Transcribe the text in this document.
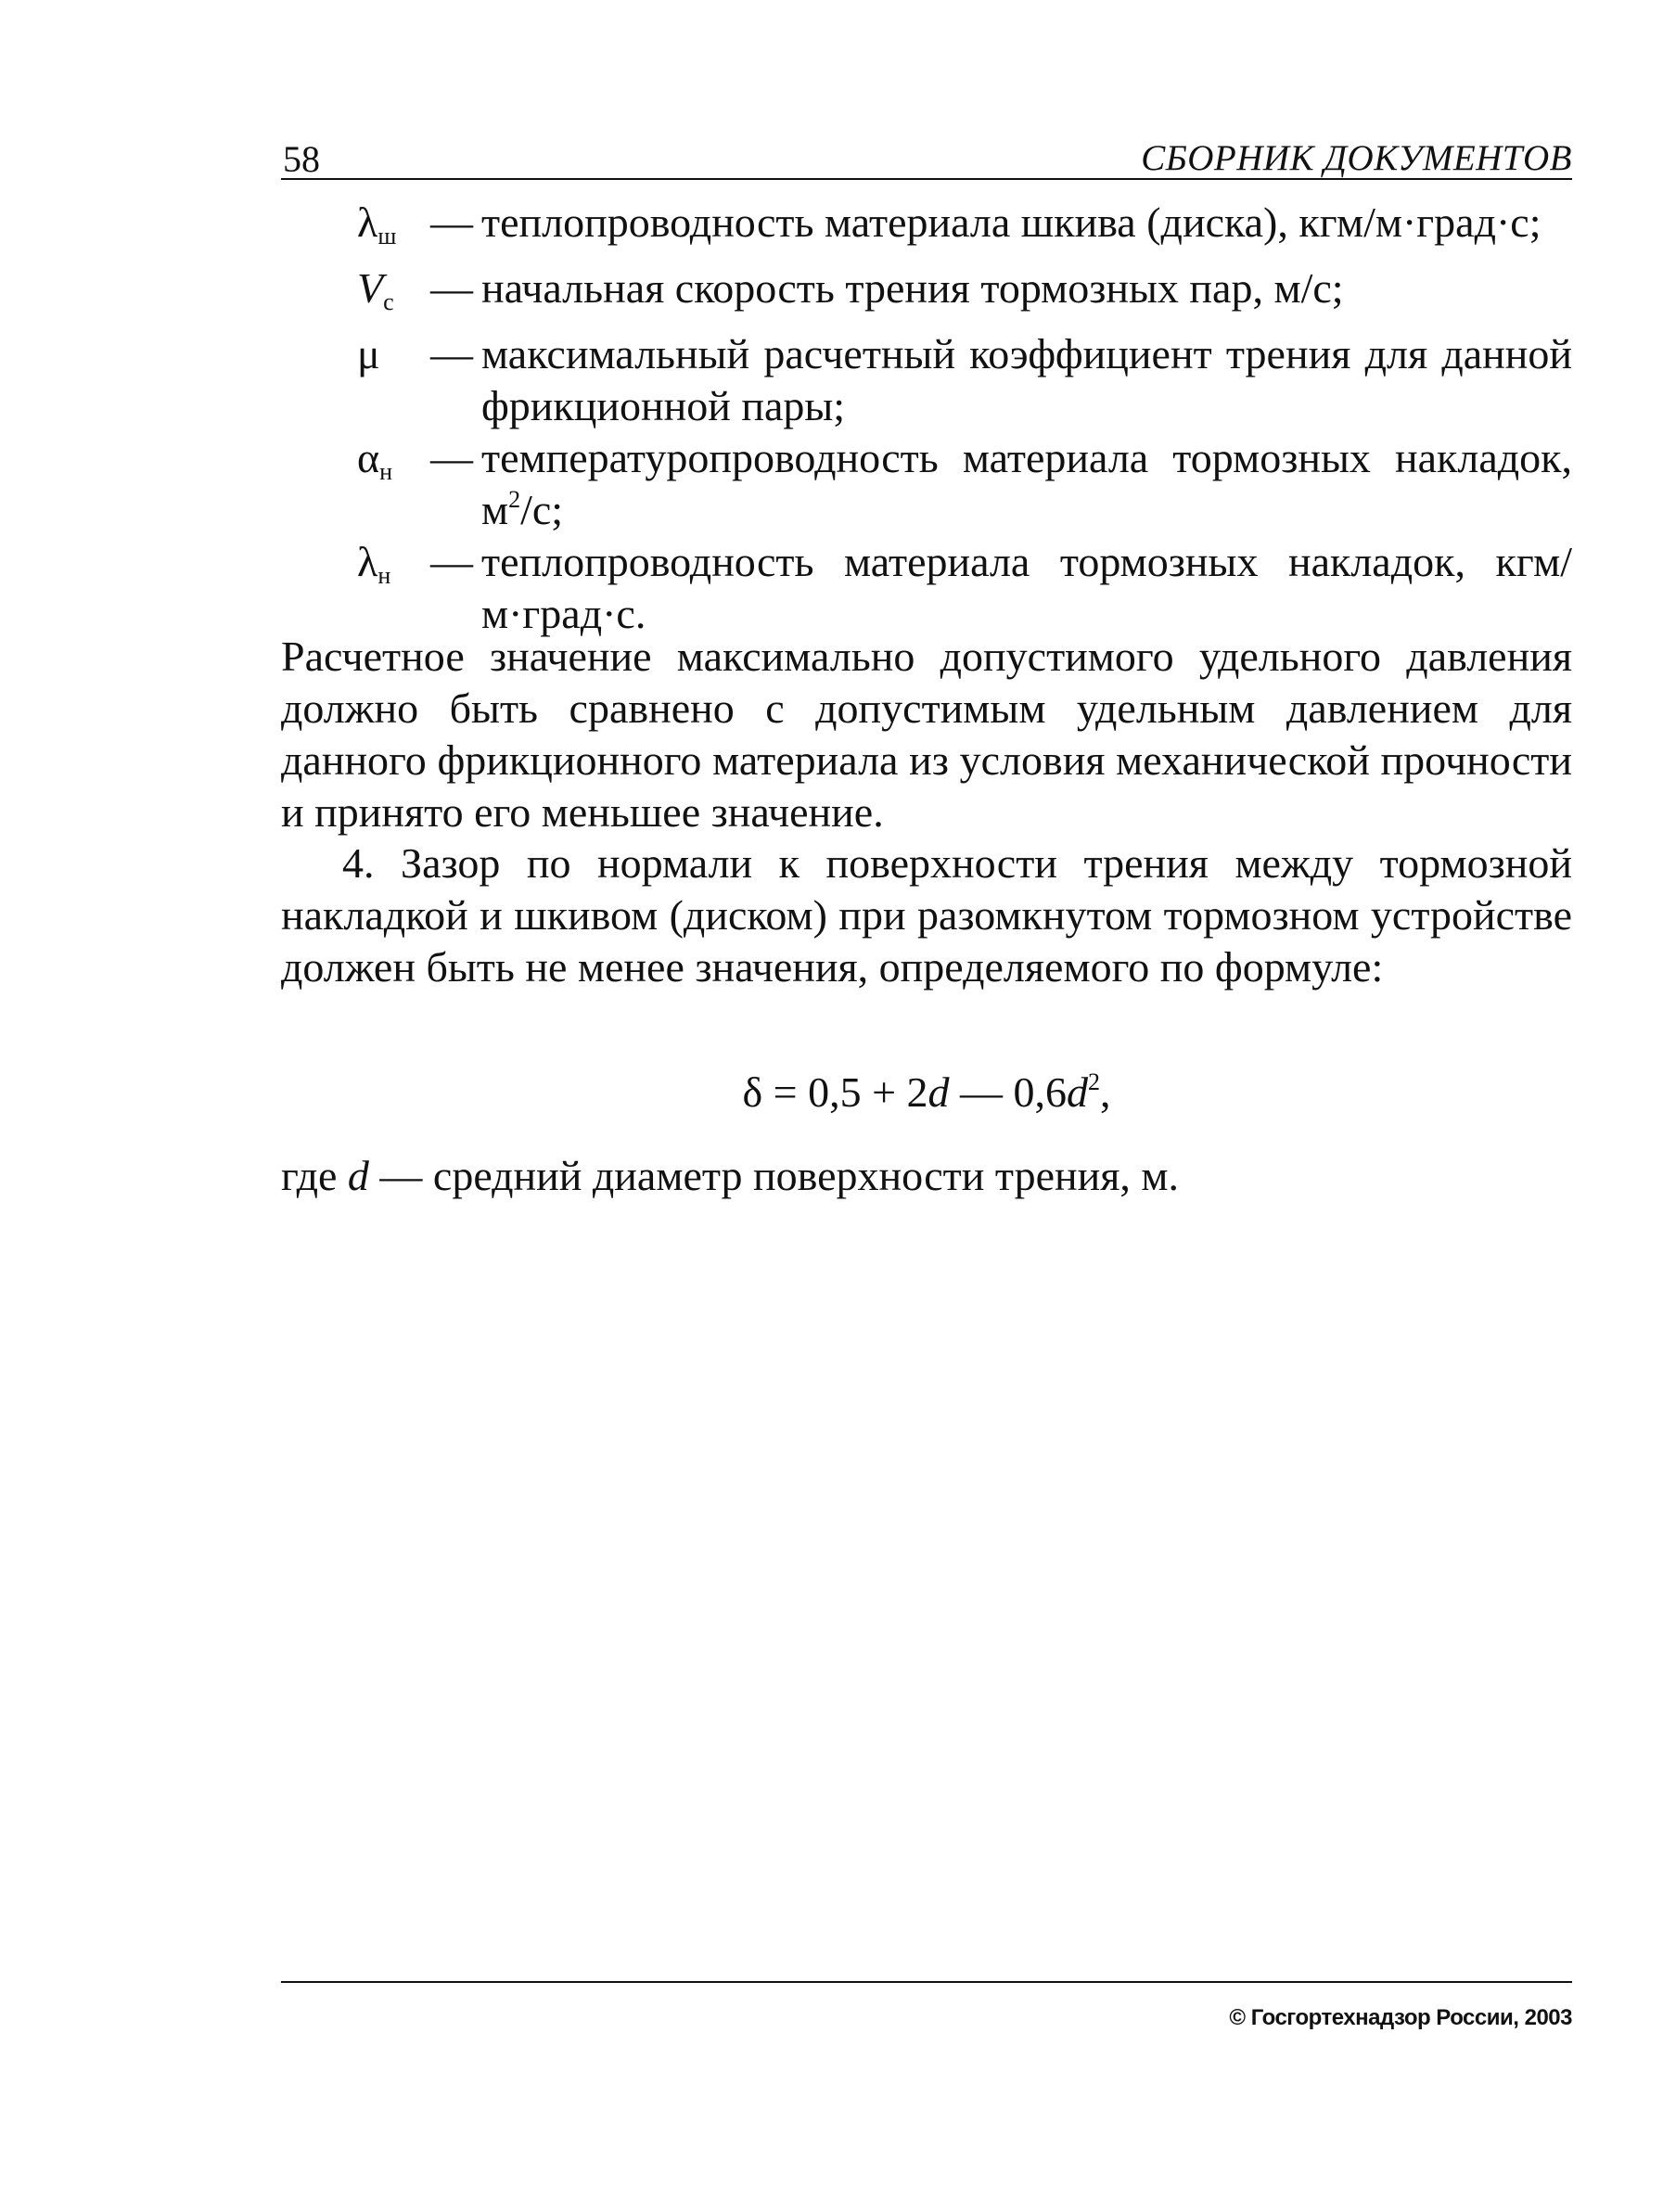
58	СБОРНИК ДОКУМЕНТОВ
$\lambda_ш$ — теплопроводность материала шкива (диска), кгм/м·град·с;
$V_с$ — начальная скорость трения тормозных пар, м/с;
μ	— максимальный расчетный коэффициент трения для данной фрикционной пары;
$\alpha_н$ — температуропроводность материала тормозных накладок, $м^2/с$;
$\lambda_н$ — теплопроводность материала тормозных накладок, кгм/м·град·с.

Расчетное значение максимально допустимого удельного давления должно быть сравнено с допустимым удельным давлением для данного фрикционного материала из условия механической прочности и принято его меньшее значение.

4. Зазор по нормали к поверхности трения между тормозной накладкой и шкивом (диском) при разомкнутом тормозном устройстве должен быть не менее значения, определяемого по формуле:

δ = 0,5 + 2d — $0,6d^2$,
где d — средний диаметр поверхности трения, м.
© Госгортехнадзор России, 2003
